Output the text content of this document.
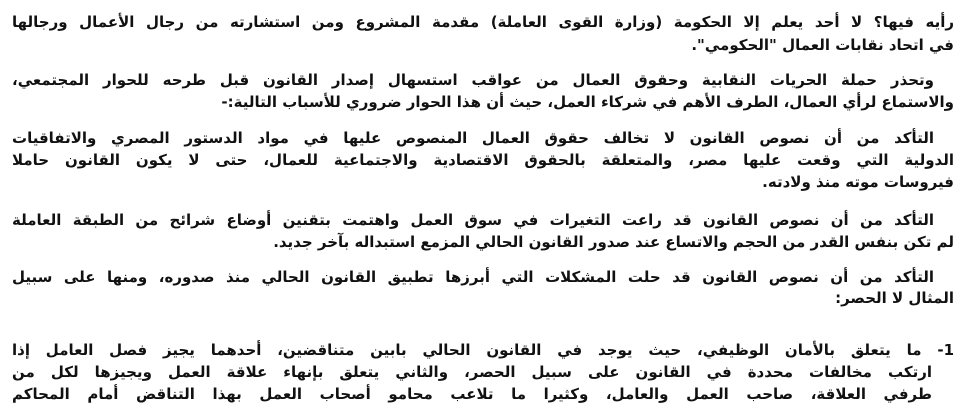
رأيه فيها؟ لا أحد يعلم إلا الحكومة (وزارة القوى العاملة) مقدمة المشروع ومن استشارته من رجال الأعمال ورجالها
في اتحاد نقابات العمال "الحكومي".
وتحذر حملة الحريات النقابية وحقوق العمال من عواقب استسهال إصدار القانون قبل طرحه للحوار المجتمعي،
والاستماع لرأي العمال، الطرف الأهم في شركاء العمل، حيث أن هذا الحوار ضروري للأسباب التالية:-
التأكد من أن نصوص القانون لا تخالف حقوق العمال المنصوص عليها في مواد الدستور المصري والاتفاقيات
الدولية التي وقعت عليها مصر، والمتعلقة بالحقوق الاقتصادية والاجتماعية للعمال، حتى لا يكون القانون حاملا
فيروسات موته منذ ولادته.
التأكد من أن نصوص القانون قد راعت التغيرات في سوق العمل واهتمت بتقنين أوضاع شرائح من الطبقة العاملة
لم تكن بنفس القدر من الحجم والاتساع عند صدور القانون الحالي المزمع استبداله بآخر جديد.
التأكد من أن نصوص القانون قد حلت المشكلات التي أبرزها تطبيق القانون الحالي منذ صدوره، ومنها على سبيل
المثال لا الحصر:
1- ما يتعلق بالأمان الوظيفي، حيث يوجد في القانون الحالي بابين متناقضين، أحدهما يجيز فصل العامل إذا
ارتكب مخالفات محددة في القانون على سبيل الحصر، والثاني يتعلق بإنهاء علاقة العمل ويجيزها لكل من
طرفي العلاقة، صاحب العمل والعامل، وكثيرا ما تلاعب محامو أصحاب العمل بهذا التناقض أمام المحاكم
